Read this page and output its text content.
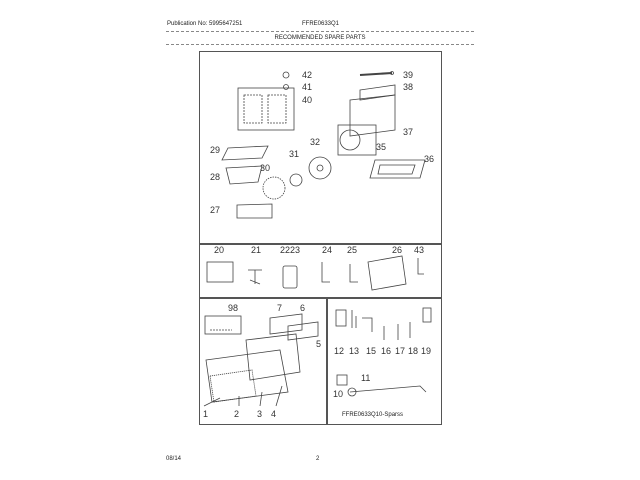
Publication No: 5995647251	FFRE0633Q1
RECOMMENDED SPARE PARTS
42
41
40
39
38
37
36
35
32
31
30
29
28
27
20	21 2223 24 25	26 43
98	7 6
1	2 3 4
5
12 13 15 16 17 18 19
11
10
FFRE0633Q10-Sparss
08/14	2
